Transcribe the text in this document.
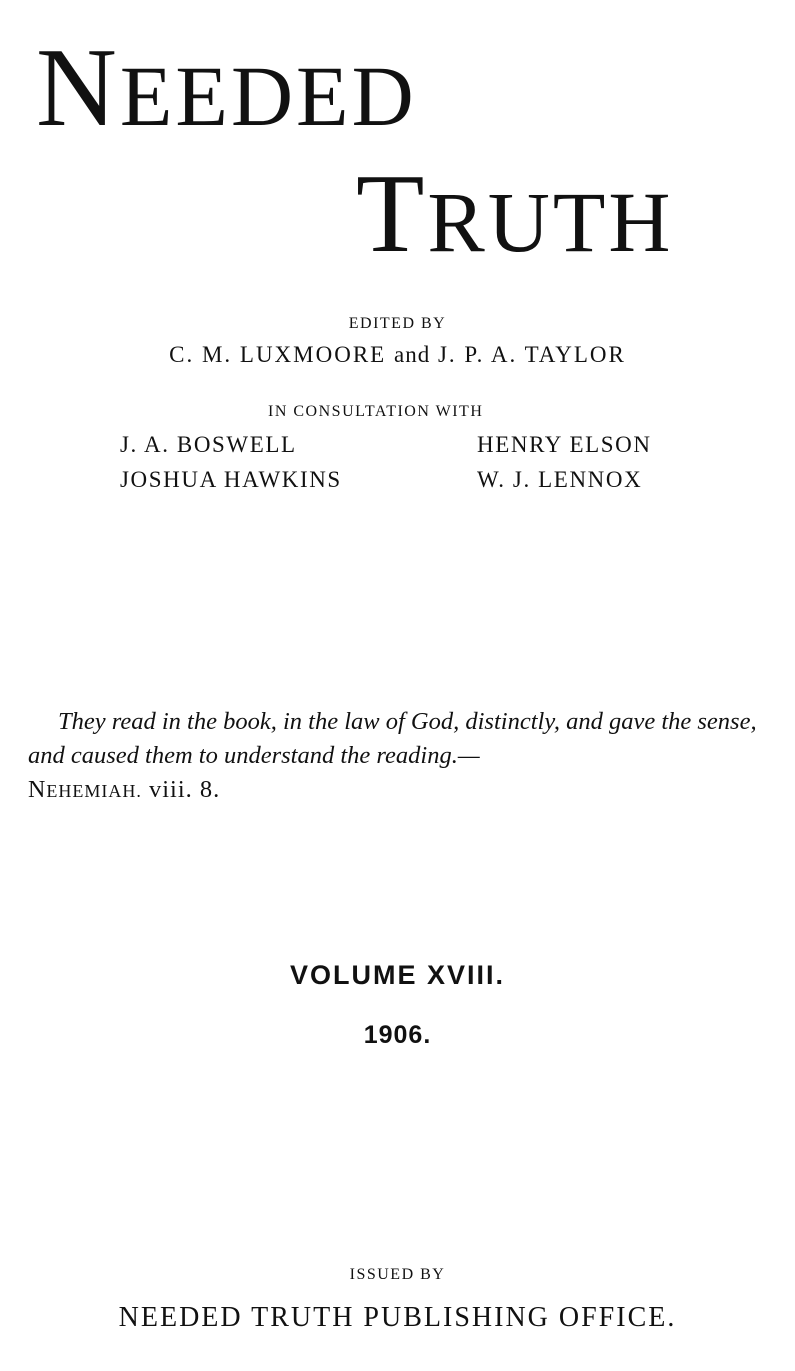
NEEDED
TRUTH
EDITED BY
C. M. LUXMOORE and J. P. A. TAYLOR
IN CONSULTATION WITH
J. A. BOSWELL	HENRY ELSON
JOSHUA HAWKINS	W. J. LENNOX
They read in the book, in the law of God, distinctly, and gave the sense, and caused them to understand the reading.—
NEHEMIAH. viii. 8.
VOLUME XVIII.
1906.
ISSUED BY
NEEDED TRUTH PUBLISHING OFFICE.
